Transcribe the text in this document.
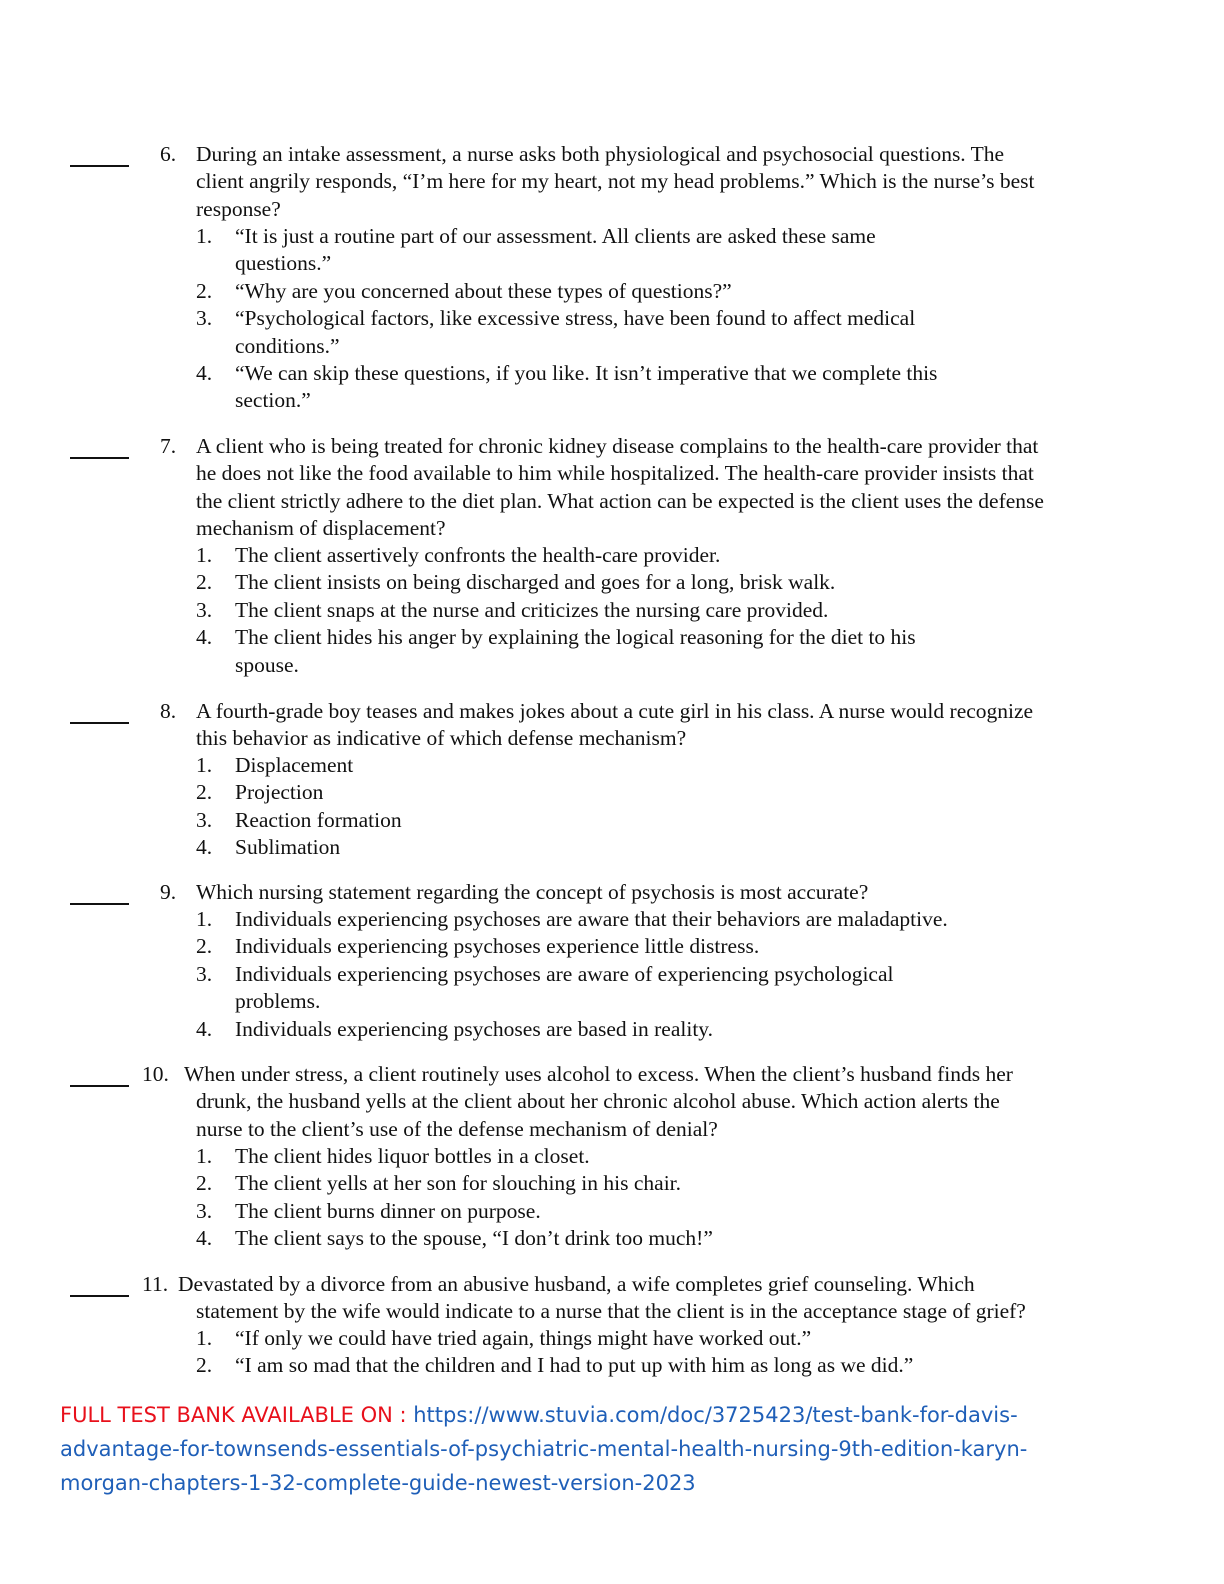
6. During an intake assessment, a nurse asks both physiological and psychosocial questions. The
client angrily responds, “I’m here for my heart, not my head problems.” Which is the nurse’s best
response?
1. “It is just a routine part of our assessment. All clients are asked these same
questions.”
2. “Why are you concerned about these types of questions?”
3. “Psychological factors, like excessive stress, have been found to affect medical
conditions.”
4. “We can skip these questions, if you like. It isn’t imperative that we complete this
section.”
7. A client who is being treated for chronic kidney disease complains to the health-care provider that
he does not like the food available to him while hospitalized. The health-care provider insists that
the client strictly adhere to the diet plan. What action can be expected is the client uses the defense
mechanism of displacement?
1. The client assertively confronts the health-care provider.
2. The client insists on being discharged and goes for a long, brisk walk.
3. The client snaps at the nurse and criticizes the nursing care provided.
4. The client hides his anger by explaining the logical reasoning for the diet to his
spouse.
8. A fourth-grade boy teases and makes jokes about a cute girl in his class. A nurse would recognize
this behavior as indicative of which defense mechanism?
1. Displacement
2. Projection
3. Reaction formation
4. Sublimation
9. Which nursing statement regarding the concept of psychosis is most accurate?
1. Individuals experiencing psychoses are aware that their behaviors are maladaptive.
2. Individuals experiencing psychoses experience little distress.
3. Individuals experiencing psychoses are aware of experiencing psychological
problems.
4. Individuals experiencing psychoses are based in reality.
10. When under stress, a client routinely uses alcohol to excess. When the client’s husband finds her
drunk, the husband yells at the client about her chronic alcohol abuse. Which action alerts the
nurse to the client’s use of the defense mechanism of denial?
1. The client hides liquor bottles in a closet.
2. The client yells at her son for slouching in his chair.
3. The client burns dinner on purpose.
4. The client says to the spouse, “I don’t drink too much!”
11. Devastated by a divorce from an abusive husband, a wife completes grief counseling. Which
statement by the wife would indicate to a nurse that the client is in the acceptance stage of grief?
1. “If only we could have tried again, things might have worked out.”
2. “I am so mad that the children and I had to put up with him as long as we did.”
FULL TEST BANK AVAILABLE ON : https://www.stuvia.com/doc/3725423/test-bank-for-davis-
advantage-for-townsends-essentials-of-psychiatric-mental-health-nursing-9th-edition-karyn-
morgan-chapters-1-32-complete-guide-newest-version-2023
